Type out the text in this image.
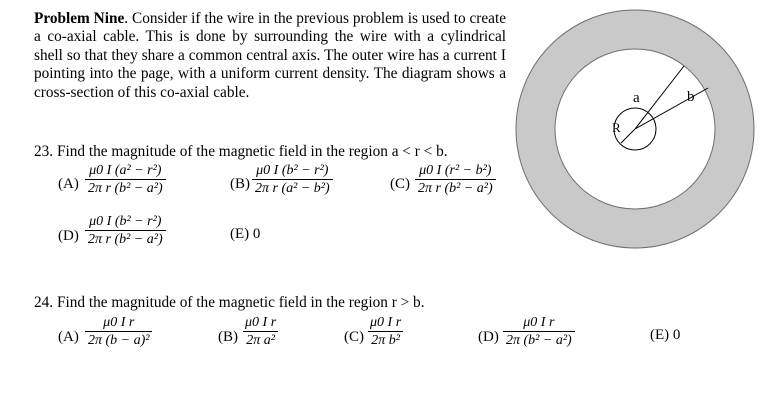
Problem Nine. Consider if the wire in the previous problem is used to create a co-axial cable. This is done by surrounding the wire with a cylindrical shell so that they share a common central axis. The outer wire has a current I pointing into the page, with a uniform current density. The diagram shows a cross-section of this co-axial cable.	a	b
R
23. Find the magnitude of the magnetic field in the region a < r < b.
$(A) \frac{\text{μ0 I (a² − r²)}}{\text{2π r (b² − a²)}}$	$(B) \frac{\text{μ0 I (b² − r²)}}{\text{2π r (a² − b²)}}$	$(C) \frac{\text{μ0 I (r² − b²)}}{\text{2π r (b² − a²)}}$
$(D) \frac{\text{μ0 I (b² − r²)}}{\text{2π r (b² − a²)}}$	(E) 0
24. Find the magnitude of the magnetic field in the region r > b.
$(A) \frac{\text{μ0 I r}}{\text{2π (b − a)²}}$	$(B) \frac{\text{μ0 I r}}{\text{2π a²}}$	$(C) \frac{\text{μ0 I r}}{\text{2π b²}}$	$(D) \frac{\text{μ0 I r}}{\text{2π (b² − a²)}}$	(E) 0
